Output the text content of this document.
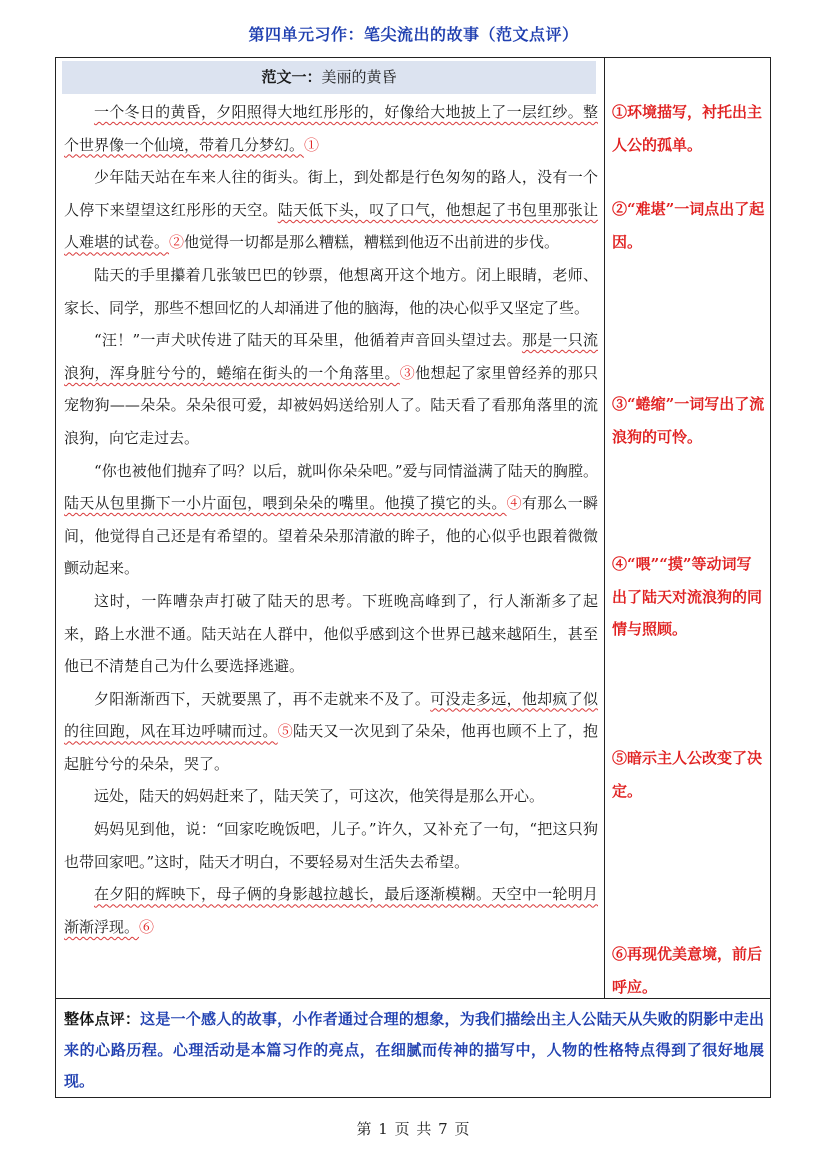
第四单元习作：笔尖流出的故事（范文点评）
范文一：美丽的黄昏

一个冬日的黄昏，夕阳照得大地红彤彤的，好像给大地披上了一层红纱。整个世界像一个仙境，带着几分梦幻。①

少年陆天站在车来人往的街头。街上，到处都是行色匆匆的路人，没有一个人停下来望望这红彤彤的天空。陆天低下头，叹了口气，他想起了书包里那张让人难堪的试卷。②他觉得一切都是那么糟糕，糟糕到他迈不出前进的步伐。

陆天的手里攥着几张皱巴巴的钞票，他想离开这个地方。闭上眼睛，老师、家长、同学，那些不想回忆的人却涌进了他的脑海，他的决心似乎又坚定了些。

“汪！”一声犬吠传进了陆天的耳朵里，他循着声音回头望过去。那是一只流浪狗，浑身脏兮兮的，蜷缩在街头的一个角落里。③他想起了家里曾经养的那只宠物狗——朵朵。朵朵很可爱，却被妈妈送给别人了。陆天看了看那角落里的流浪狗，向它走过去。

“你也被他们抛弃了吗？以后，就叫你朵朵吧。”爱与同情溢满了陆天的胸膛。陆天从包里撕下一小片面包，喂到朵朵的嘴里。他摸了摸它的头。④有那么一瞬间，他觉得自己还是有希望的。望着朵朵那清澈的眸子，他的心似乎也跟着微微颤动起来。

这时，一阵嘈杂声打破了陆天的思考。下班晚高峰到了，行人渐渐多了起来，路上水泄不通。陆天站在人群中，他似乎感到这个世界已越来越陌生，甚至他已不清楚自己为什么要选择逃避。

夕阳渐渐西下，天就要黑了，再不走就来不及了。可没走多远，他却疯了似的往回跑，风在耳边呼啸而过。⑤陆天又一次见到了朵朵，他再也顾不上了，抱起脏兮兮的朵朵，哭了。

远处，陆天的妈妈赶来了，陆天笑了，可这次，他笑得是那么开心。

妈妈见到他，说：“回家吃晚饭吧，儿子。”许久，又补充了一句，“把这只狗也带回家吧。”这时，陆天才明白，不要轻易对生活失去希望。

在夕阳的辉映下，母子俩的身影越拉越长，最后逐渐模糊。天空中一轮明月渐渐浮现。⑥

①环境描写，衬托出主人公的孤单。
②“难堪”一词点出了起因。
③“蜷缩”一词写出了流浪狗的可怜。
④“喂”“摸”等动词写出了陆天对流浪狗的同情与照顾。
⑤暗示主人公改变了决定。
⑥再现优美意境，前后呼应。
整体点评：这是一个感人的故事，小作者通过合理的想象，为我们描绘出主人公陆天从失败的阴影中走出来的心路历程。心理活动是本篇习作的亮点，在细腻而传神的描写中，人物的性格特点得到了很好地展现。
第 1 页 共 7 页
